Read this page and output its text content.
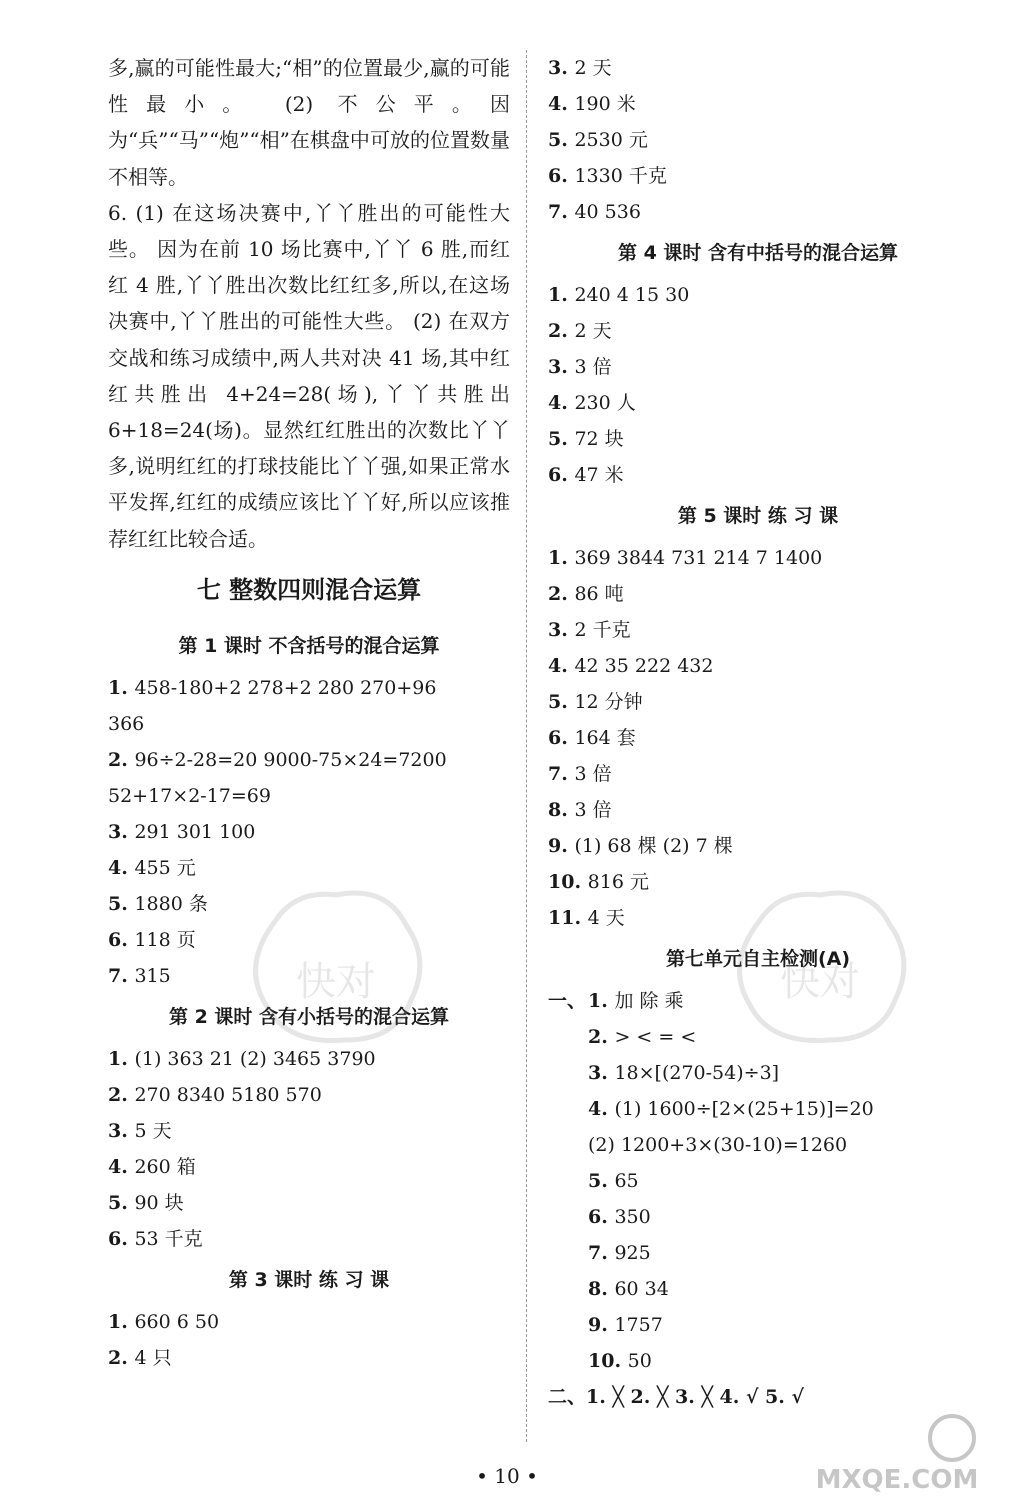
多,赢的可能性最大;“相”的位置最少,赢的可能性最小。 (2) 不公平。因为“兵”“马”“炮”“相”在棋盘中可放的位置数量不相等。

6. (1) 在这场决赛中,丫丫胜出的可能性大些。 因为在前 10 场比赛中,丫丫 6 胜,而红红 4 胜,丫丫胜出次数比红红多,所以,在这场决赛中,丫丫胜出的可能性大些。 (2) 在双方交战和练习成绩中,两人共对决 41 场,其中红红共胜出 4+24=28(场),丫丫共胜出 6+18=24(场)。显然红红胜出的次数比丫丫多,说明红红的打球技能比丫丫强,如果正常水平发挥,红红的成绩应该比丫丫好,所以应该推荐红红比较合适。

七 整数四则混合运算
第 1 课时 不含括号的混合运算
1. 458-180+2 278+2 280 270+96
366
2. 96÷2-28=20 9000-75×24=7200
52+17×2-17=69
3. 291 301 100
4. 455 元
5. 1880 条
6. 118 页
7. 315
第 2 课时 含有小括号的混合运算
1. (1) 363 21 (2) 3465 3790
2. 270 8340 5180 570
3. 5 天
4. 260 箱
5. 90 块
6. 53 千克
第 3 课时 练 习 课
1. 660 6 50
2. 4 只
3. 2 天
4. 190 米
5. 2530 元
6. 1330 千克
7. 40 536
第 4 课时 含有中括号的混合运算
1. 240 4 15 30
2. 2 天
3. 3 倍
4. 230 人
5. 72 块
6. 47 米
第 5 课时 练 习 课
1. 369 3844 731 214 7 1400
2. 86 吨
3. 2 千克
4. 42 35 222 432
5. 12 分钟
6. 164 套
7. 3 倍
8. 3 倍
9. (1) 68 棵 (2) 7 棵
10. 816 元
11. 4 天
第七单元自主检测(A)
一、 1. 加 除 乘
2. > < = <
3. 18×[(270-54)÷3]
4. (1) 1600÷[2×(25+15)]=20
(2) 1200+3×(30-10)=1260
5. 65
6. 350
7. 925
8. 60 34
9. 1757
10. 50
二、1. ╳ 2. ╳ 3. ╳ 4. √ 5. √
快对	快对
• 10 •	MXQE.COM
